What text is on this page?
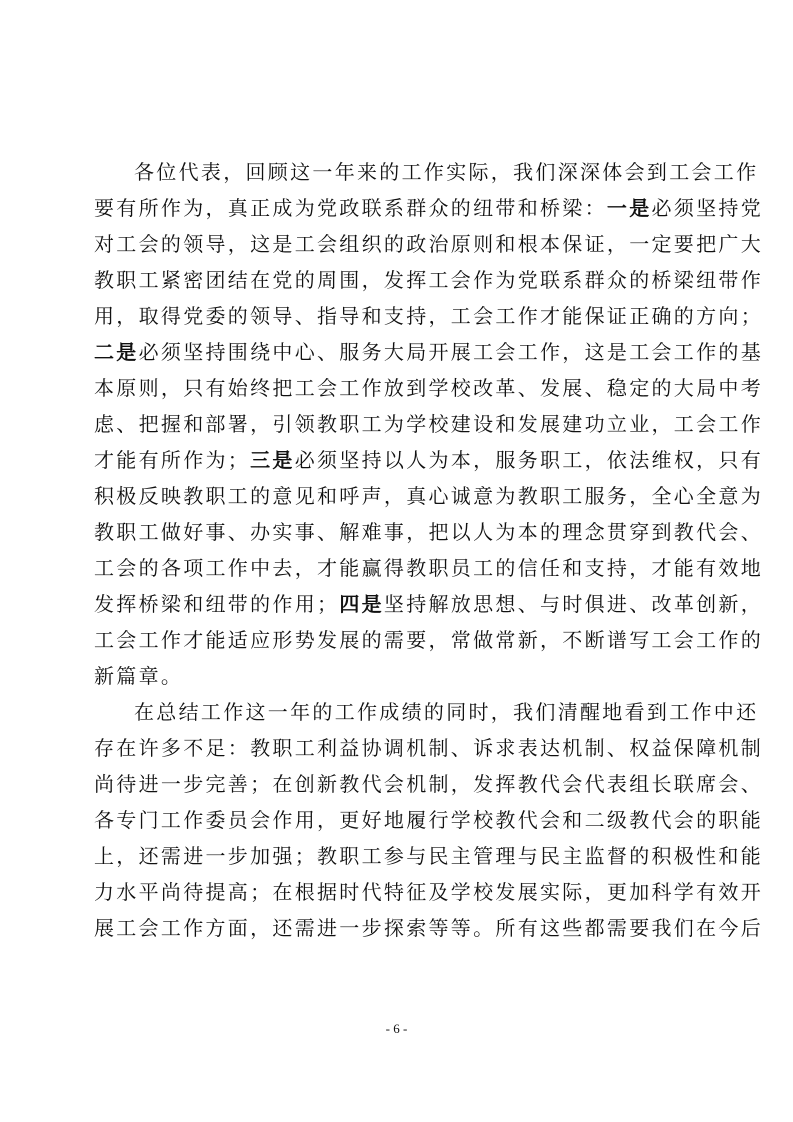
各位代表，回顾这一年来的工作实际，我们深深体会到工会工作
要有所作为，真正成为党政联系群众的纽带和桥梁：一是必须坚持党
对工会的领导，这是工会组织的政治原则和根本保证，一定要把广大
教职工紧密团结在党的周围，发挥工会作为党联系群众的桥梁纽带作
用，取得党委的领导、指导和支持，工会工作才能保证正确的方向；
二是必须坚持围绕中心、服务大局开展工会工作，这是工会工作的基
本原则，只有始终把工会工作放到学校改革、发展、稳定的大局中考
虑、把握和部署，引领教职工为学校建设和发展建功立业，工会工作
才能有所作为；三是必须坚持以人为本，服务职工，依法维权，只有
积极反映教职工的意见和呼声，真心诚意为教职工服务，全心全意为
教职工做好事、办实事、解难事，把以人为本的理念贯穿到教代会、
工会的各项工作中去，才能赢得教职员工的信任和支持，才能有效地
发挥桥梁和纽带的作用；四是坚持解放思想、与时俱进、改革创新，
工会工作才能适应形势发展的需要，常做常新，不断谱写工会工作的
新篇章。
在总结工作这一年的工作成绩的同时，我们清醒地看到工作中还
存在许多不足：教职工利益协调机制、诉求表达机制、权益保障机制
尚待进一步完善；在创新教代会机制，发挥教代会代表组长联席会、
各专门工作委员会作用，更好地履行学校教代会和二级教代会的职能
上，还需进一步加强；教职工参与民主管理与民主监督的积极性和能
力水平尚待提高；在根据时代特征及学校发展实际，更加科学有效开
展工会工作方面，还需进一步探索等等。所有这些都需要我们在今后
- 6 -
